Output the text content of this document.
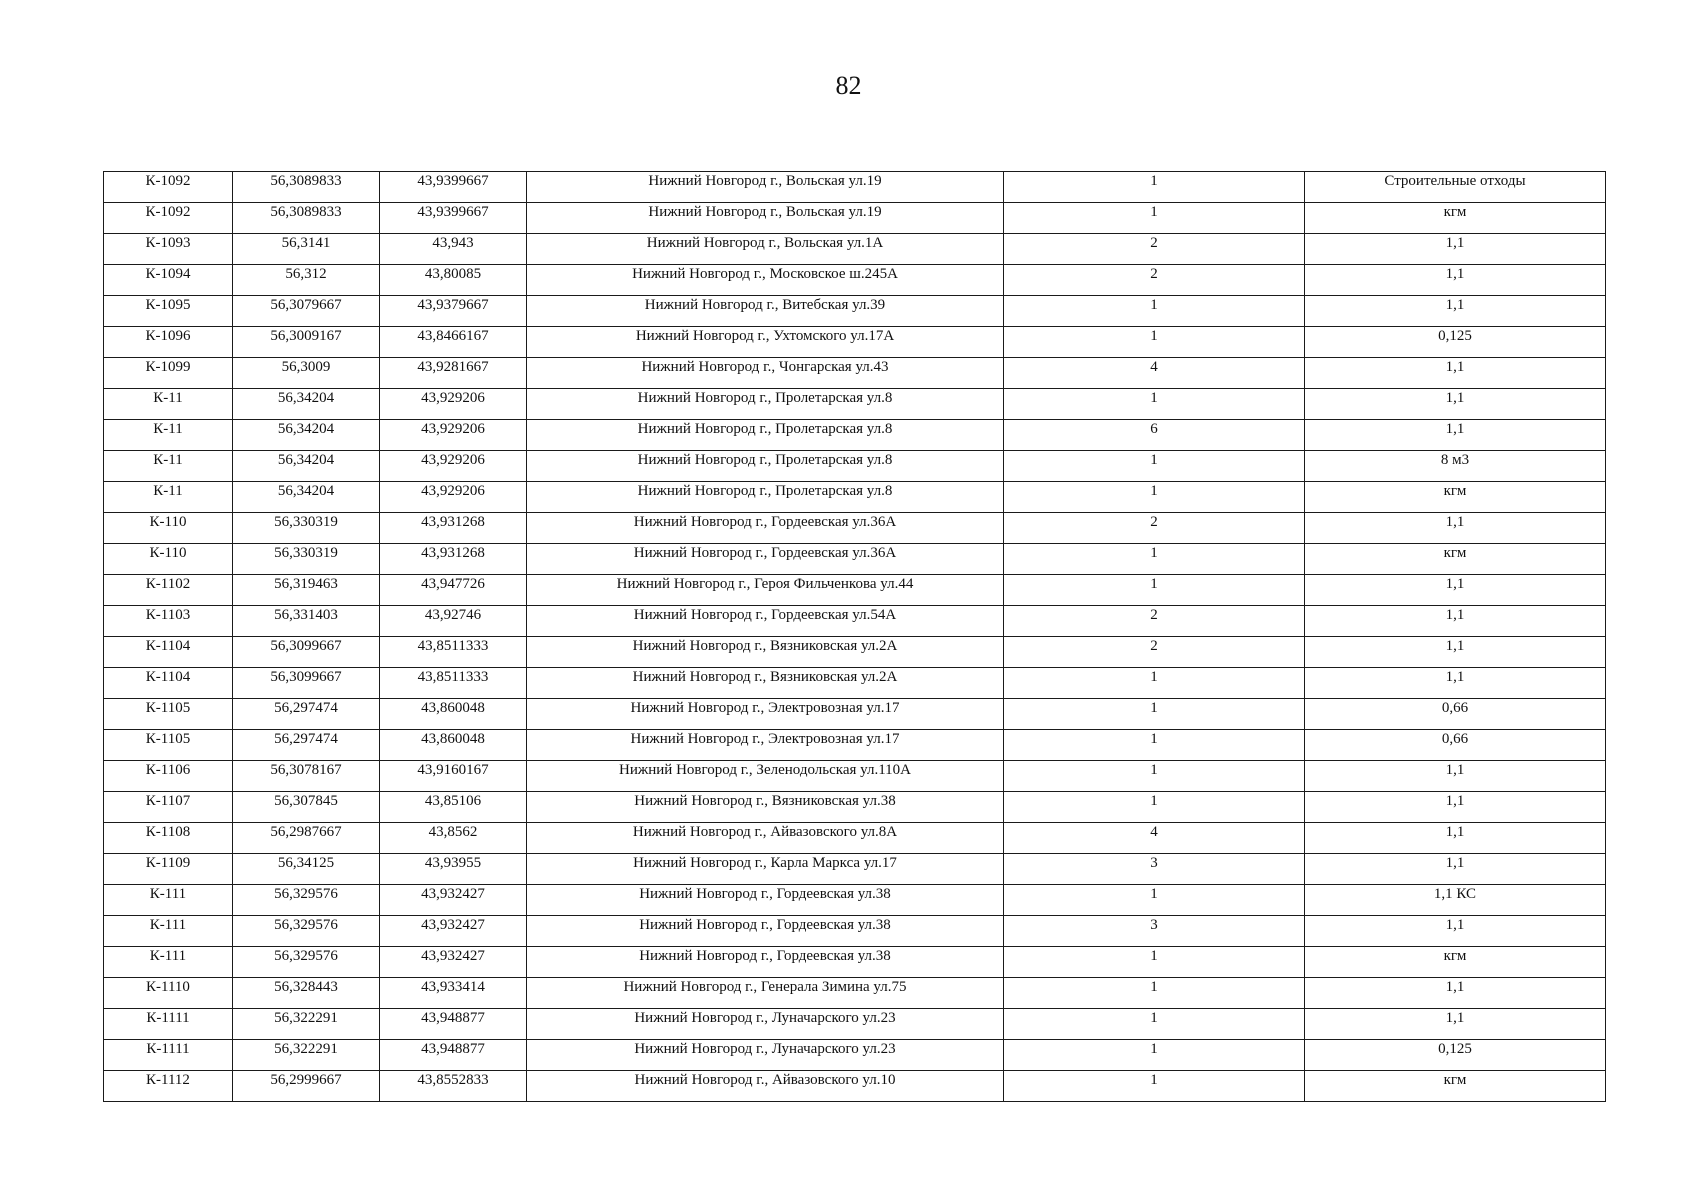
82
К-1092	56,3089833	43,9399667	Нижний Новгород г., Вольская ул.19	1	Строительные отходы
К-1092	56,3089833	43,9399667	Нижний Новгород г., Вольская ул.19	1	кгм
К-1093	56,3141	43,943	Нижний Новгород г., Вольская ул.1А	2	1,1
К-1094	56,312	43,80085	Нижний Новгород г., Московское ш.245А	2	1,1
К-1095	56,3079667	43,9379667	Нижний Новгород г., Витебская ул.39	1	1,1
К-1096	56,3009167	43,8466167	Нижний Новгород г., Ухтомского ул.17А	1	0,125
К-1099	56,3009	43,9281667	Нижний Новгород г., Чонгарская ул.43	4	1,1
К-11	56,34204	43,929206	Нижний Новгород г., Пролетарская ул.8	1	1,1
К-11	56,34204	43,929206	Нижний Новгород г., Пролетарская ул.8	6	1,1
К-11	56,34204	43,929206	Нижний Новгород г., Пролетарская ул.8	1	8 м3
К-11	56,34204	43,929206	Нижний Новгород г., Пролетарская ул.8	1	кгм
К-110	56,330319	43,931268	Нижний Новгород г., Гордеевская ул.36А	2	1,1
К-110	56,330319	43,931268	Нижний Новгород г., Гордеевская ул.36А	1	кгм
К-1102	56,319463	43,947726	Нижний Новгород г., Героя Фильченкова ул.44	1	1,1
К-1103	56,331403	43,92746	Нижний Новгород г., Гордеевская ул.54А	2	1,1
К-1104	56,3099667	43,8511333	Нижний Новгород г., Вязниковская ул.2А	2	1,1
К-1104	56,3099667	43,8511333	Нижний Новгород г., Вязниковская ул.2А	1	1,1
К-1105	56,297474	43,860048	Нижний Новгород г., Электровозная ул.17	1	0,66
К-1105	56,297474	43,860048	Нижний Новгород г., Электровозная ул.17	1	0,66
К-1106	56,3078167	43,9160167	Нижний Новгород г., Зеленодольская ул.110А	1	1,1
К-1107	56,307845	43,85106	Нижний Новгород г., Вязниковская ул.38	1	1,1
К-1108	56,2987667	43,8562	Нижний Новгород г., Айвазовского ул.8А	4	1,1
К-1109	56,34125	43,93955	Нижний Новгород г., Карла Маркса ул.17	3	1,1
К-111	56,329576	43,932427	Нижний Новгород г., Гордеевская ул.38	1	1,1 КС
К-111	56,329576	43,932427	Нижний Новгород г., Гордеевская ул.38	3	1,1
К-111	56,329576	43,932427	Нижний Новгород г., Гордеевская ул.38	1	кгм
К-1110	56,328443	43,933414	Нижний Новгород г., Генерала Зимина ул.75	1	1,1
К-1111	56,322291	43,948877	Нижний Новгород г., Луначарского ул.23	1	1,1
К-1111	56,322291	43,948877	Нижний Новгород г., Луначарского ул.23	1	0,125
К-1112	56,2999667	43,8552833	Нижний Новгород г., Айвазовского ул.10	1	кгм
